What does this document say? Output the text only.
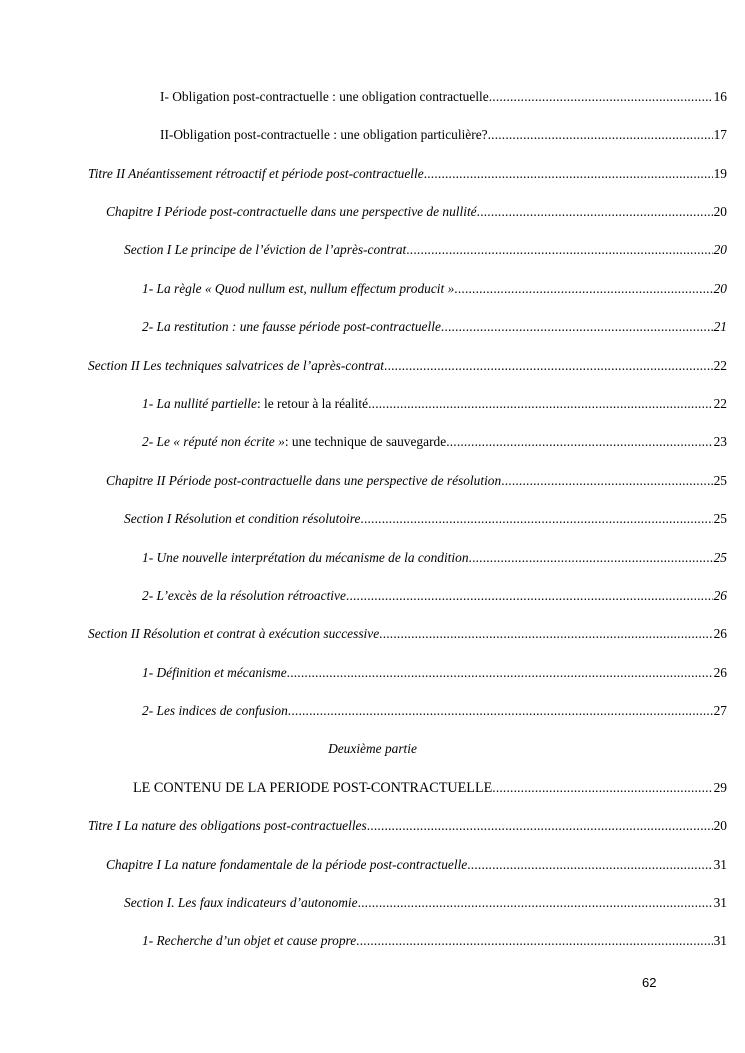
I- Obligation post-contractuelle : une obligation contractuelle .....	16
II-Obligation post-contractuelle : une obligation particulière? .....	17
Titre II Anéantissement rétroactif et période post-contractuelle .....	19
Chapitre I Période post-contractuelle dans une perspective de nullité .....	20
Section I Le principe de l’éviction de l’après-contrat .....	20
1- La règle « Quod nullum est, nullum effectum producit » .....	20
2- La restitution : une fausse période post-contractuelle .....	21
Section II Les techniques salvatrices de l’après-contrat .....	22
1- La nullité partielle : le retour à la réalité .....	22
2- Le « réputé non écrite » : une technique de sauvegarde .....	23
Chapitre II Période post-contractuelle dans une perspective de résolution .....	25
Section I Résolution et condition résolutoire .....	25
1- Une nouvelle interprétation du mécanisme de la condition .....	25
2- L’excès de la résolution rétroactive .....	26
Section II Résolution et contrat à exécution successive .....	26
1- Définition et mécanisme .....	26
2- Les indices de confusion .....	27
Deuxième partie
LE CONTENU DE LA PERIODE POST-CONTRACTUELLE .....	29
Titre I La nature des obligations post-contractuelles .....	20
Chapitre I La nature fondamentale de la période post-contractuelle .....	31
Section I. Les faux indicateurs d’autonomie .....	31
1- Recherche d’un objet et cause propre .....	31
62
